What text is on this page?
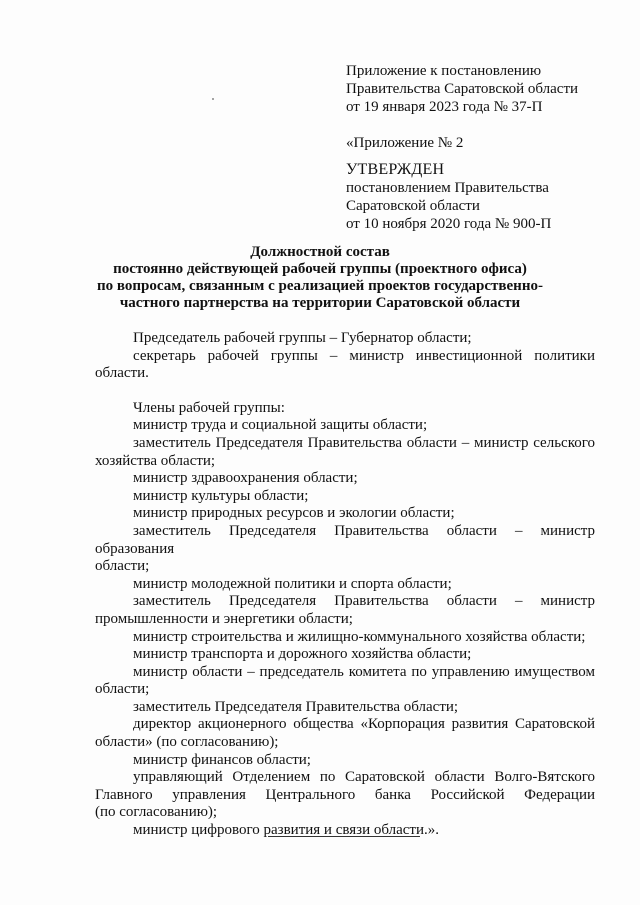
Приложение к постановлению
Правительства Саратовской области
от 19 января 2023 года № 37-П
«Приложение № 2
УТВЕРЖДЕН
постановлением Правительства
Саратовской области
от 10 ноября 2020 года № 900-П
Должностной состав
постоянно действующей рабочей группы (проектного офиса)
по вопросам, связанным с реализацией проектов государственно-
частного партнерства на территории Саратовской области
Председатель рабочей группы – Губернатор области;
секретарь рабочей группы – министр инвестиционной политики области.
Члены рабочей группы:
министр труда и социальной защиты области;
заместитель Председателя Правительства области – министр сельского
хозяйства области;
министр здравоохранения области;
министр культуры области;
министр природных ресурсов и экологии области;
заместитель Председателя Правительства области – министр образования
области;
министр молодежной политики и спорта области;
заместитель Председателя Правительства области – министр
промышленности и энергетики области;
министр строительства и жилищно-коммунального хозяйства области;
министр транспорта и дорожного хозяйства области;
министр области – председатель комитета по управлению имуществом
области;
заместитель Председателя Правительства области;
директор акционерного общества «Корпорация развития Саратовской
области» (по согласованию);
министр финансов области;
управляющий Отделением по Саратовской области Волго-Вятского
Главного управления Центрального банка Российской Федерации
(по согласованию);
министр цифрового развития и связи области.».
